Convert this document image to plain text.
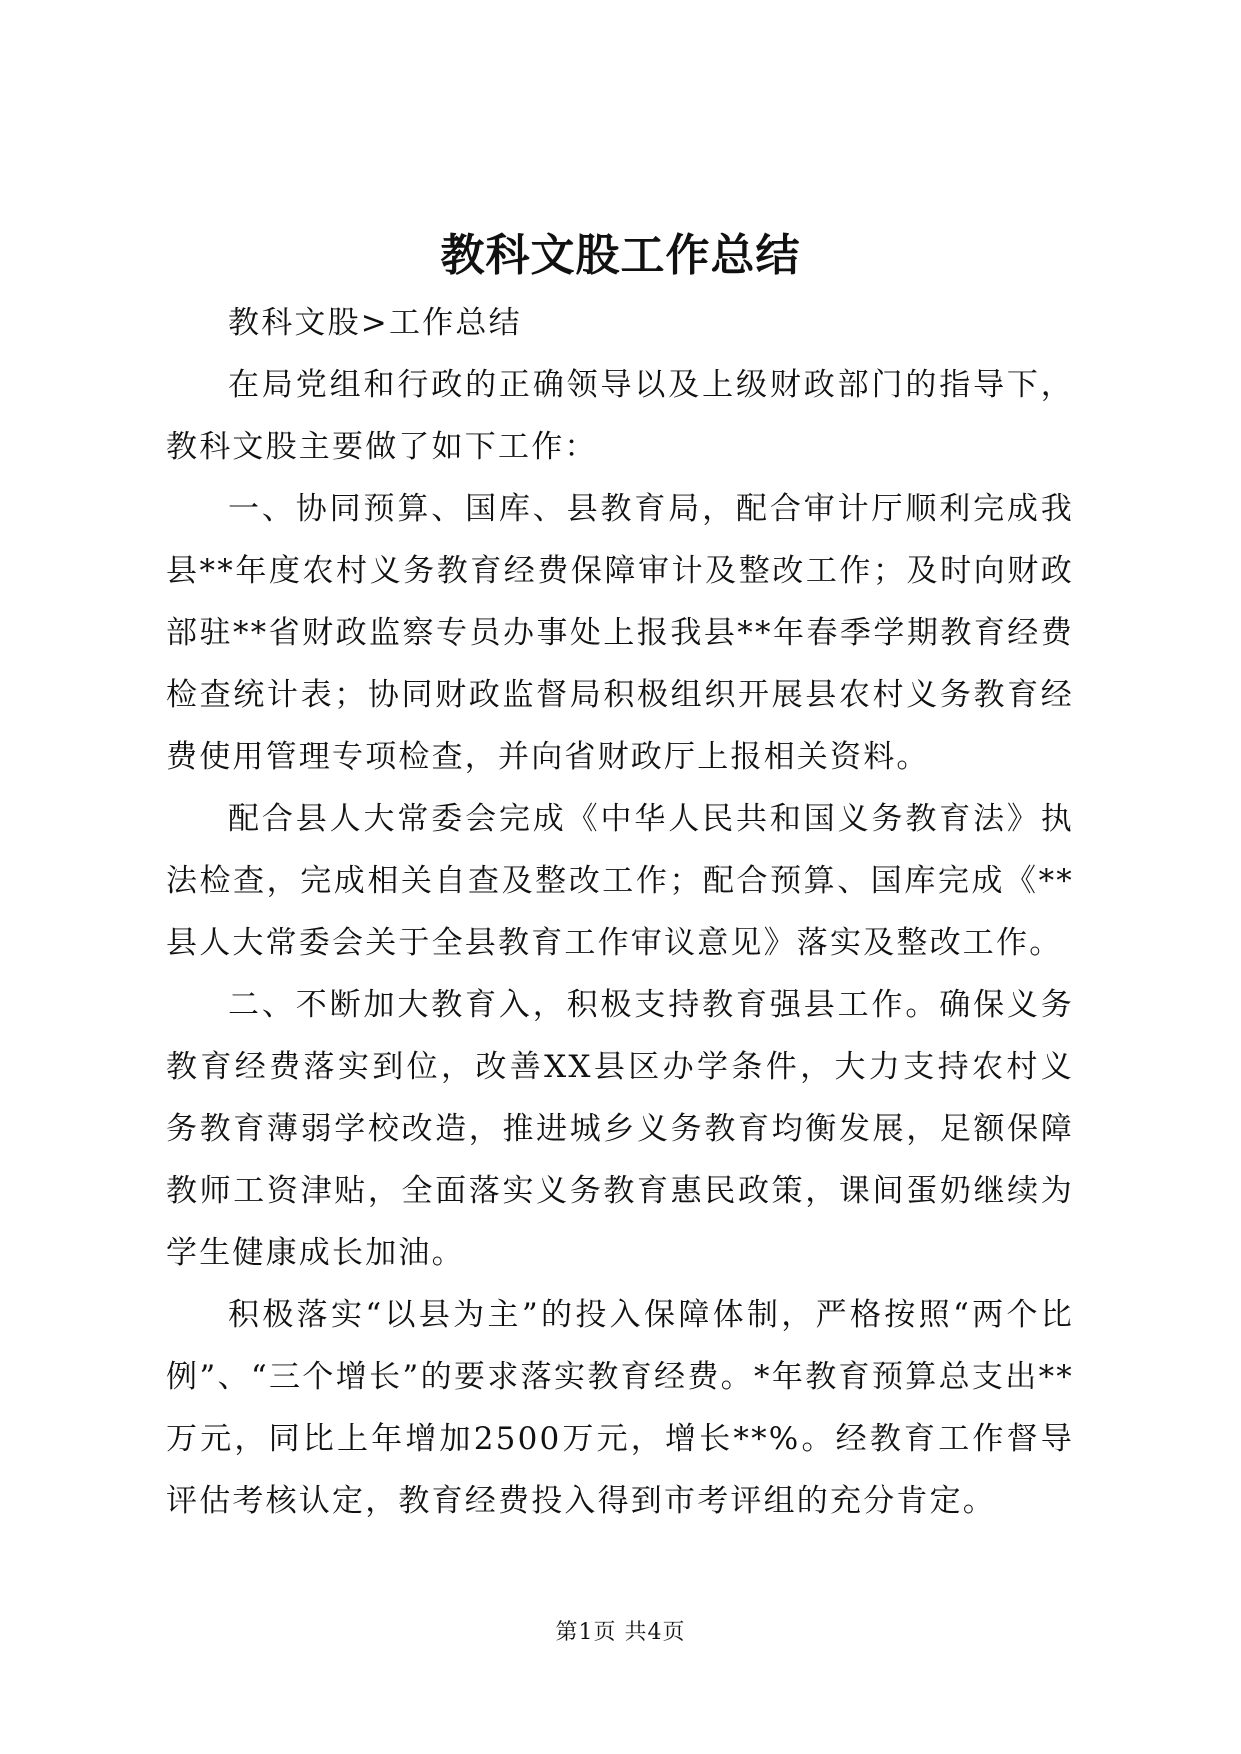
教科文股工作总结

教科文股>工作总结

在局党组和行政的正确领导以及上级财政部门的指导下，教科文股主要做了如下工作：

一、协同预算、国库、县教育局，配合审计厅顺利完成我县**年度农村义务教育经费保障审计及整改工作；及时向财政部驻**省财政监察专员办事处上报我县**年春季学期教育经费检查统计表；协同财政监督局积极组织开展县农村义务教育经费使用管理专项检查，并向省财政厅上报相关资料。

配合县人大常委会完成《中华人民共和国义务教育法》执法检查，完成相关自查及整改工作；配合预算、国库完成《**县人大常委会关于全县教育工作审议意见》落实及整改工作。

二、不断加大教育入，积极支持教育强县工作。确保义务教育经费落实到位，改善XX县区办学条件，大力支持农村义务教育薄弱学校改造，推进城乡义务教育均衡发展，足额保障教师工资津贴，全面落实义务教育惠民政策，课间蛋奶继续为学生健康成长加油。

积极落实“以县为主”的投入保障体制，严格按照“两个比例”、“三个增长”的要求落实教育经费。*年教育预算总支出**万元，同比上年增加2500万元，增长**%。经教育工作督导评估考核认定，教育经费投入得到市考评组的充分肯定。

第1页 共4页
